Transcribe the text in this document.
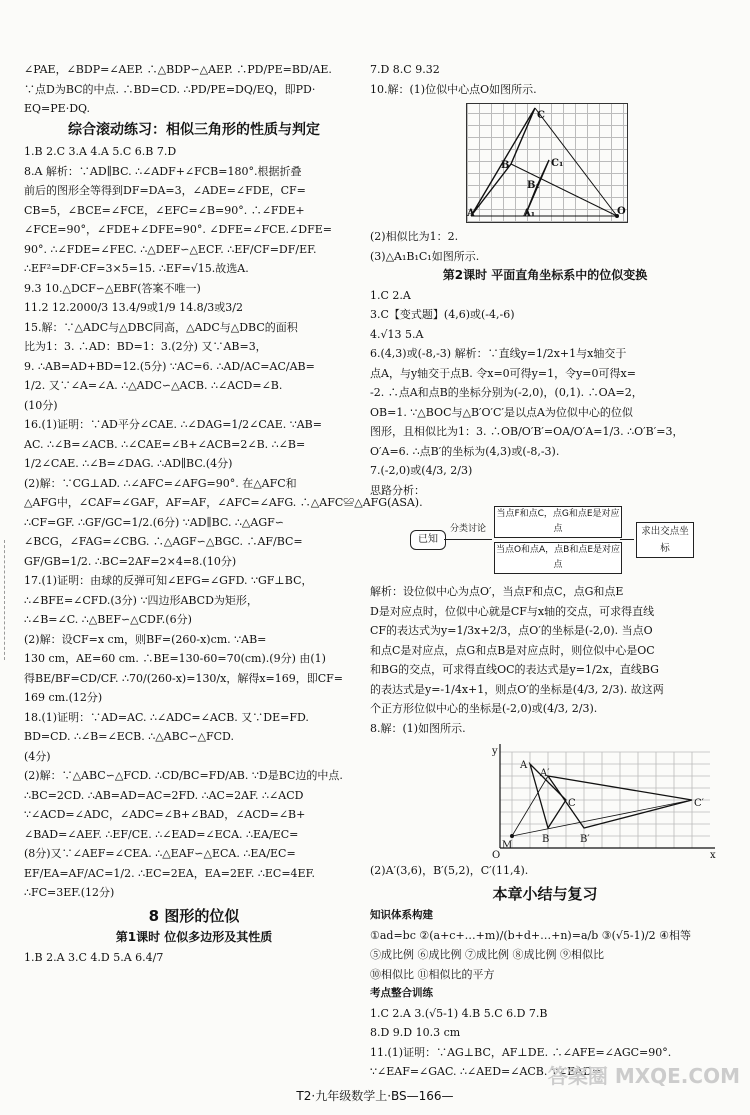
∠PAE，∠BDP=∠AEP. ∴△BDP∽△AEP. ∴PD/PE=BD/AE.
∵点D为BC的中点. ∴BD=CD. ∴PD/PE=DQ/EQ，即PD·
EQ=PE·DQ.
综合滚动练习：相似三角形的性质与判定
1.B 2.C 3.A 4.A 5.C 6.B 7.D
8.A 解析：∵AD∥BC. ∴∠ADF+∠FCB=180°.根据折叠
前后的图形全等得到DF=DA=3，∠ADE=∠FDE，CF=
CB=5，∠BCE=∠FCE，∠EFC=∠B=90°. ∴∠FDE+
∠FCE=90°，∠FDE+∠DFE=90°. ∠DFE=∠FCE.∠DFE=
90°. ∴∠FDE=∠FEC. ∴△DEF∽△ECF. ∴EF/CF=DF/EF.
∴EF²=DF·CF=3×5=15. ∴EF=√15.故选A.
9.3 10.△DCF∽△EBF(答案不唯一)
11.2 12.2000/3 13.4/9或1/9 14.8/3或3/2
15.解：∵△ADC与△DBC同高，△ADC与△DBC的面积
比为1：3. ∴AD：BD=1：3.(2分) 又∵AB=3，
9. ∴AB=AD+BD=12.(5分) ∵AC=6. ∴AD/AC=AC/AB=
1/2. 又∵∠A=∠A. ∴△ADC∽△ACB. ∴∠ACD=∠B.
(10分)
16.(1)证明：∵AD平分∠CAE. ∴∠DAG=1/2∠CAE. ∵AB=
AC. ∴∠B=∠ACB. ∴∠CAE=∠B+∠ACB=2∠B. ∴∠B=
1/2∠CAE. ∴∠B=∠DAG. ∴AD∥BC.(4分)
(2)解：∵CG⊥AD. ∴∠AFC=∠AFG=90°. 在△AFC和
△AFG中，∠CAF=∠GAF，AF=AF，∠AFC=∠AFG. ∴△AFC≌△AFG(ASA).
∴CF=GF. ∴GF/GC=1/2.(6分) ∵AD∥BC. ∴△AGF∽
∠BCG，∠FAG=∠CBG. ∴△AGF∽△BGC. ∴AF/BC=
GF/GB=1/2. ∴BC=2AF=2×4=8.(10分)
17.(1)证明：由球的反弹可知∠EFG=∠GFD. ∵GF⊥BC，
∴∠BFE=∠CFD.(3分) ∵四边形ABCD为矩形，
∴∠B=∠C. ∴△BEF∽△CDF.(6分)
(2)解：设CF=x cm，则BF=(260-x)cm. ∵AB=
130 cm，AE=60 cm. ∴BE=130-60=70(cm).(9分) 由(1)
得BE/BF=CD/CF. ∴70/(260-x)=130/x，解得x=169，即CF=
169 cm.(12分)
18.(1)证明：∵AD=AC. ∴∠ADC=∠ACB. 又∵DE=FD.
BD=CD. ∴∠B=∠ECB. ∴△ABC∽△FCD.
(4分)
(2)解：∵△ABC∽△FCD. ∴CD/BC=FD/AB. ∵D是BC边的中点.
∴BC=2CD. ∴AB=AD=AC=2FD. ∴AC=2AF. ∴∠ACD
∵∠ACD=∠ADC，∠ADC=∠B+∠BAD，∠ACD=∠B+
∠BAD=∠AEF. ∴EF/CE. ∴∠EAD=∠ECA. ∴EA/EC=
(8分)又∵∠AEF=∠CEA. ∴△EAF∽△ECA. ∴EA/EC=
EF/EA=AF/AC=1/2. ∴EC=2EA，EA=2EF. ∴EC=4EF.
∴FC=3EF.(12分)
8 图形的位似
第1课时 位似多边形及其性质
1.B 2.A 3.C 4.D 5.A 6.4/7
7.D 8.C 9.32
10.解：(1)位似中心点O如图所示.
C
C₁
B
B₁
A	A₁	O
(2)相似比为1：2.
(3)△A₁B₁C₁如图所示.
第2课时 平面直角坐标系中的位似变换
1.C 2.A
3.C【变式题】(4,6)或(-4,-6)
4.√13 5.A
6.(4,3)或(-8,-3) 解析：∵直线y=1/2x+1与x轴交于
点A，与y轴交于点B. 令x=0可得y=1，令y=0可得x=
-2. ∴点A和点B的坐标分别为(-2,0)，(0,1). ∴OA=2，
OB=1. ∵△BOC与△B′O′C′是以点A为位似中心的位似
图形，且相似比为1：3. ∴OB/O′B′=OA/O′A=1/3. ∴O′B′=3，
O′A=6. ∴点B′的坐标为(4,3)或(-8,-3).
7.(-2,0)或(4/3, 2/3)
思路分析：
已知
分类讨论
当点F和点C，点G和点E是对应点
当点O和点A，点B和点E是对应点
求出交点坐标
解析：设位似中心为点O′，当点F和点C，点G和点E
D是对应点时，位似中心就是CF与x轴的交点，可求得直线
CF的表达式为y=1/3x+2/3，点O′的坐标是(-2,0). 当点O
和点C是对应点，点G和点B是对应点时，则位似中心是OC
和BG的交点，可求得直线OC的表达式是y=1/2x，直线BG
的表达式是y=-1/4x+1，则点O′的坐标是(4/3, 2/3). 故这两
个正方形位似中心的坐标是(-2,0)或(4/3, 2/3).
8.解：(1)如图所示.
y
A′
A
C	C′
M
B	B′
O	x
(2)A′(3,6)，B′(5,2)，C′(11,4).
本章小结与复习
知识体系构建
①ad=bc ②(a+c+…+m)/(b+d+…+n)=a/b ③(√5-1)/2 ④相等
⑤成比例 ⑥成比例 ⑦成比例 ⑧成比例 ⑨相似比
⑩相似比 ⑪相似比的平方
考点整合训练
1.C 2.A 3.(√5-1) 4.B 5.C 6.D 7.B
8.D 9.D 10.3 cm
11.(1)证明：∵AG⊥BC，AF⊥DE. ∴∠AFE=∠AGC=90°.
∵∠EAF=∠GAC. ∴∠AED=∠ACB. ∵∠EAD=
T2·九年级数学上·BS—166—
答案圈 MXQE.COM
